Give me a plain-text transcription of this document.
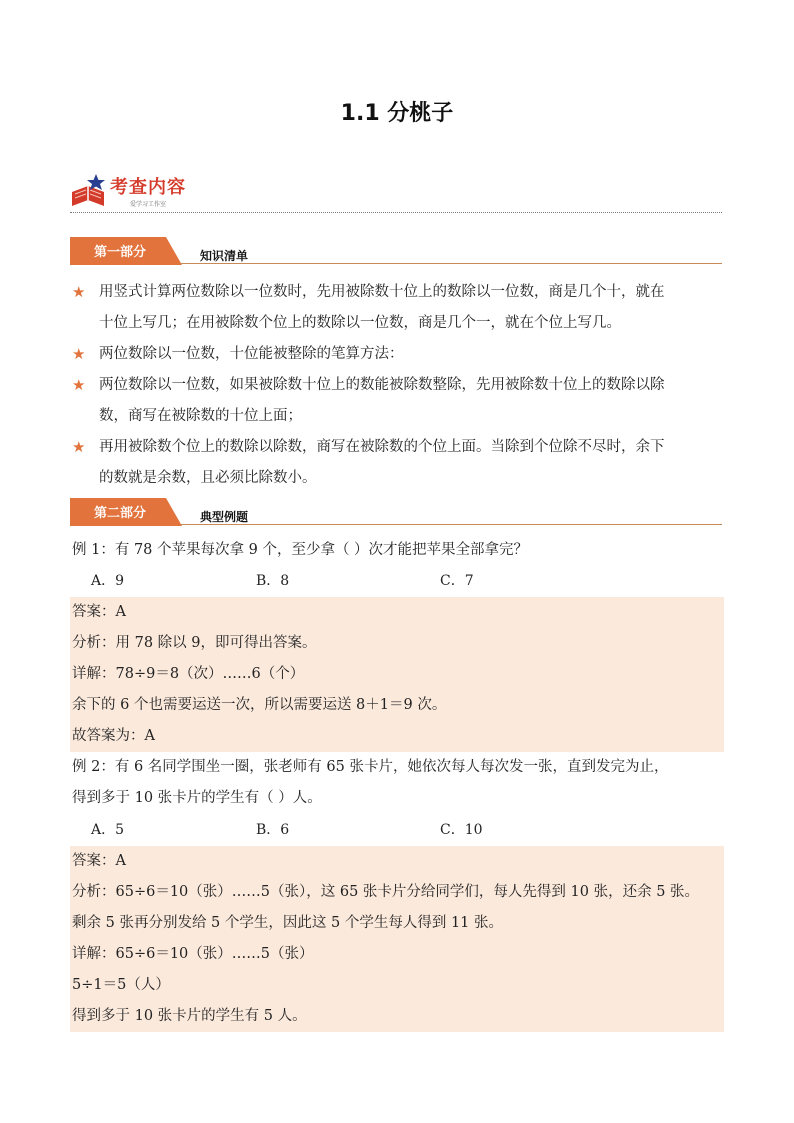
1.1 分桃子
考查内容
爱学习工作室
第一部分	知识清单
★ 用竖式计算两位数除以一位数时，先用被除数十位上的数除以一位数，商是几个十，就在
十位上写几；在用被除数个位上的数除以一位数，商是几个一，就在个位上写几。
★ 两位数除以一位数，十位能被整除的笔算方法：
★ 两位数除以一位数，如果被除数十位上的数能被除数整除，先用被除数十位上的数除以除
数，商写在被除数的十位上面；
★ 再用被除数个位上的数除以除数，商写在被除数的个位上面。当除到个位除不尽时，余下
的数就是余数，且必须比除数小。
第二部分	典型例题
例 1：有 78 个苹果每次拿 9 个，至少拿（ ）次才能把苹果全部拿完？
A．9	B．8	C．7
答案：A
分析：用 78 除以 9，即可得出答案。
详解：78÷9＝8（次）……6（个）
余下的 6 个也需要运送一次，所以需要运送 8＋1＝9 次。
故答案为：A
例 2：有 6 名同学围坐一圈，张老师有 65 张卡片，她依次每人每次发一张，直到发完为止，
得到多于 10 张卡片的学生有（ ）人。
A．5	B．6	C．10
答案：A
分析：65÷6＝10（张）……5（张），这 65 张卡片分给同学们，每人先得到 10 张，还余 5 张。
剩余 5 张再分别发给 5 个学生，因此这 5 个学生每人得到 11 张。
详解：65÷6＝10（张）……5（张）
5÷1＝5（人）
得到多于 10 张卡片的学生有 5 人。
